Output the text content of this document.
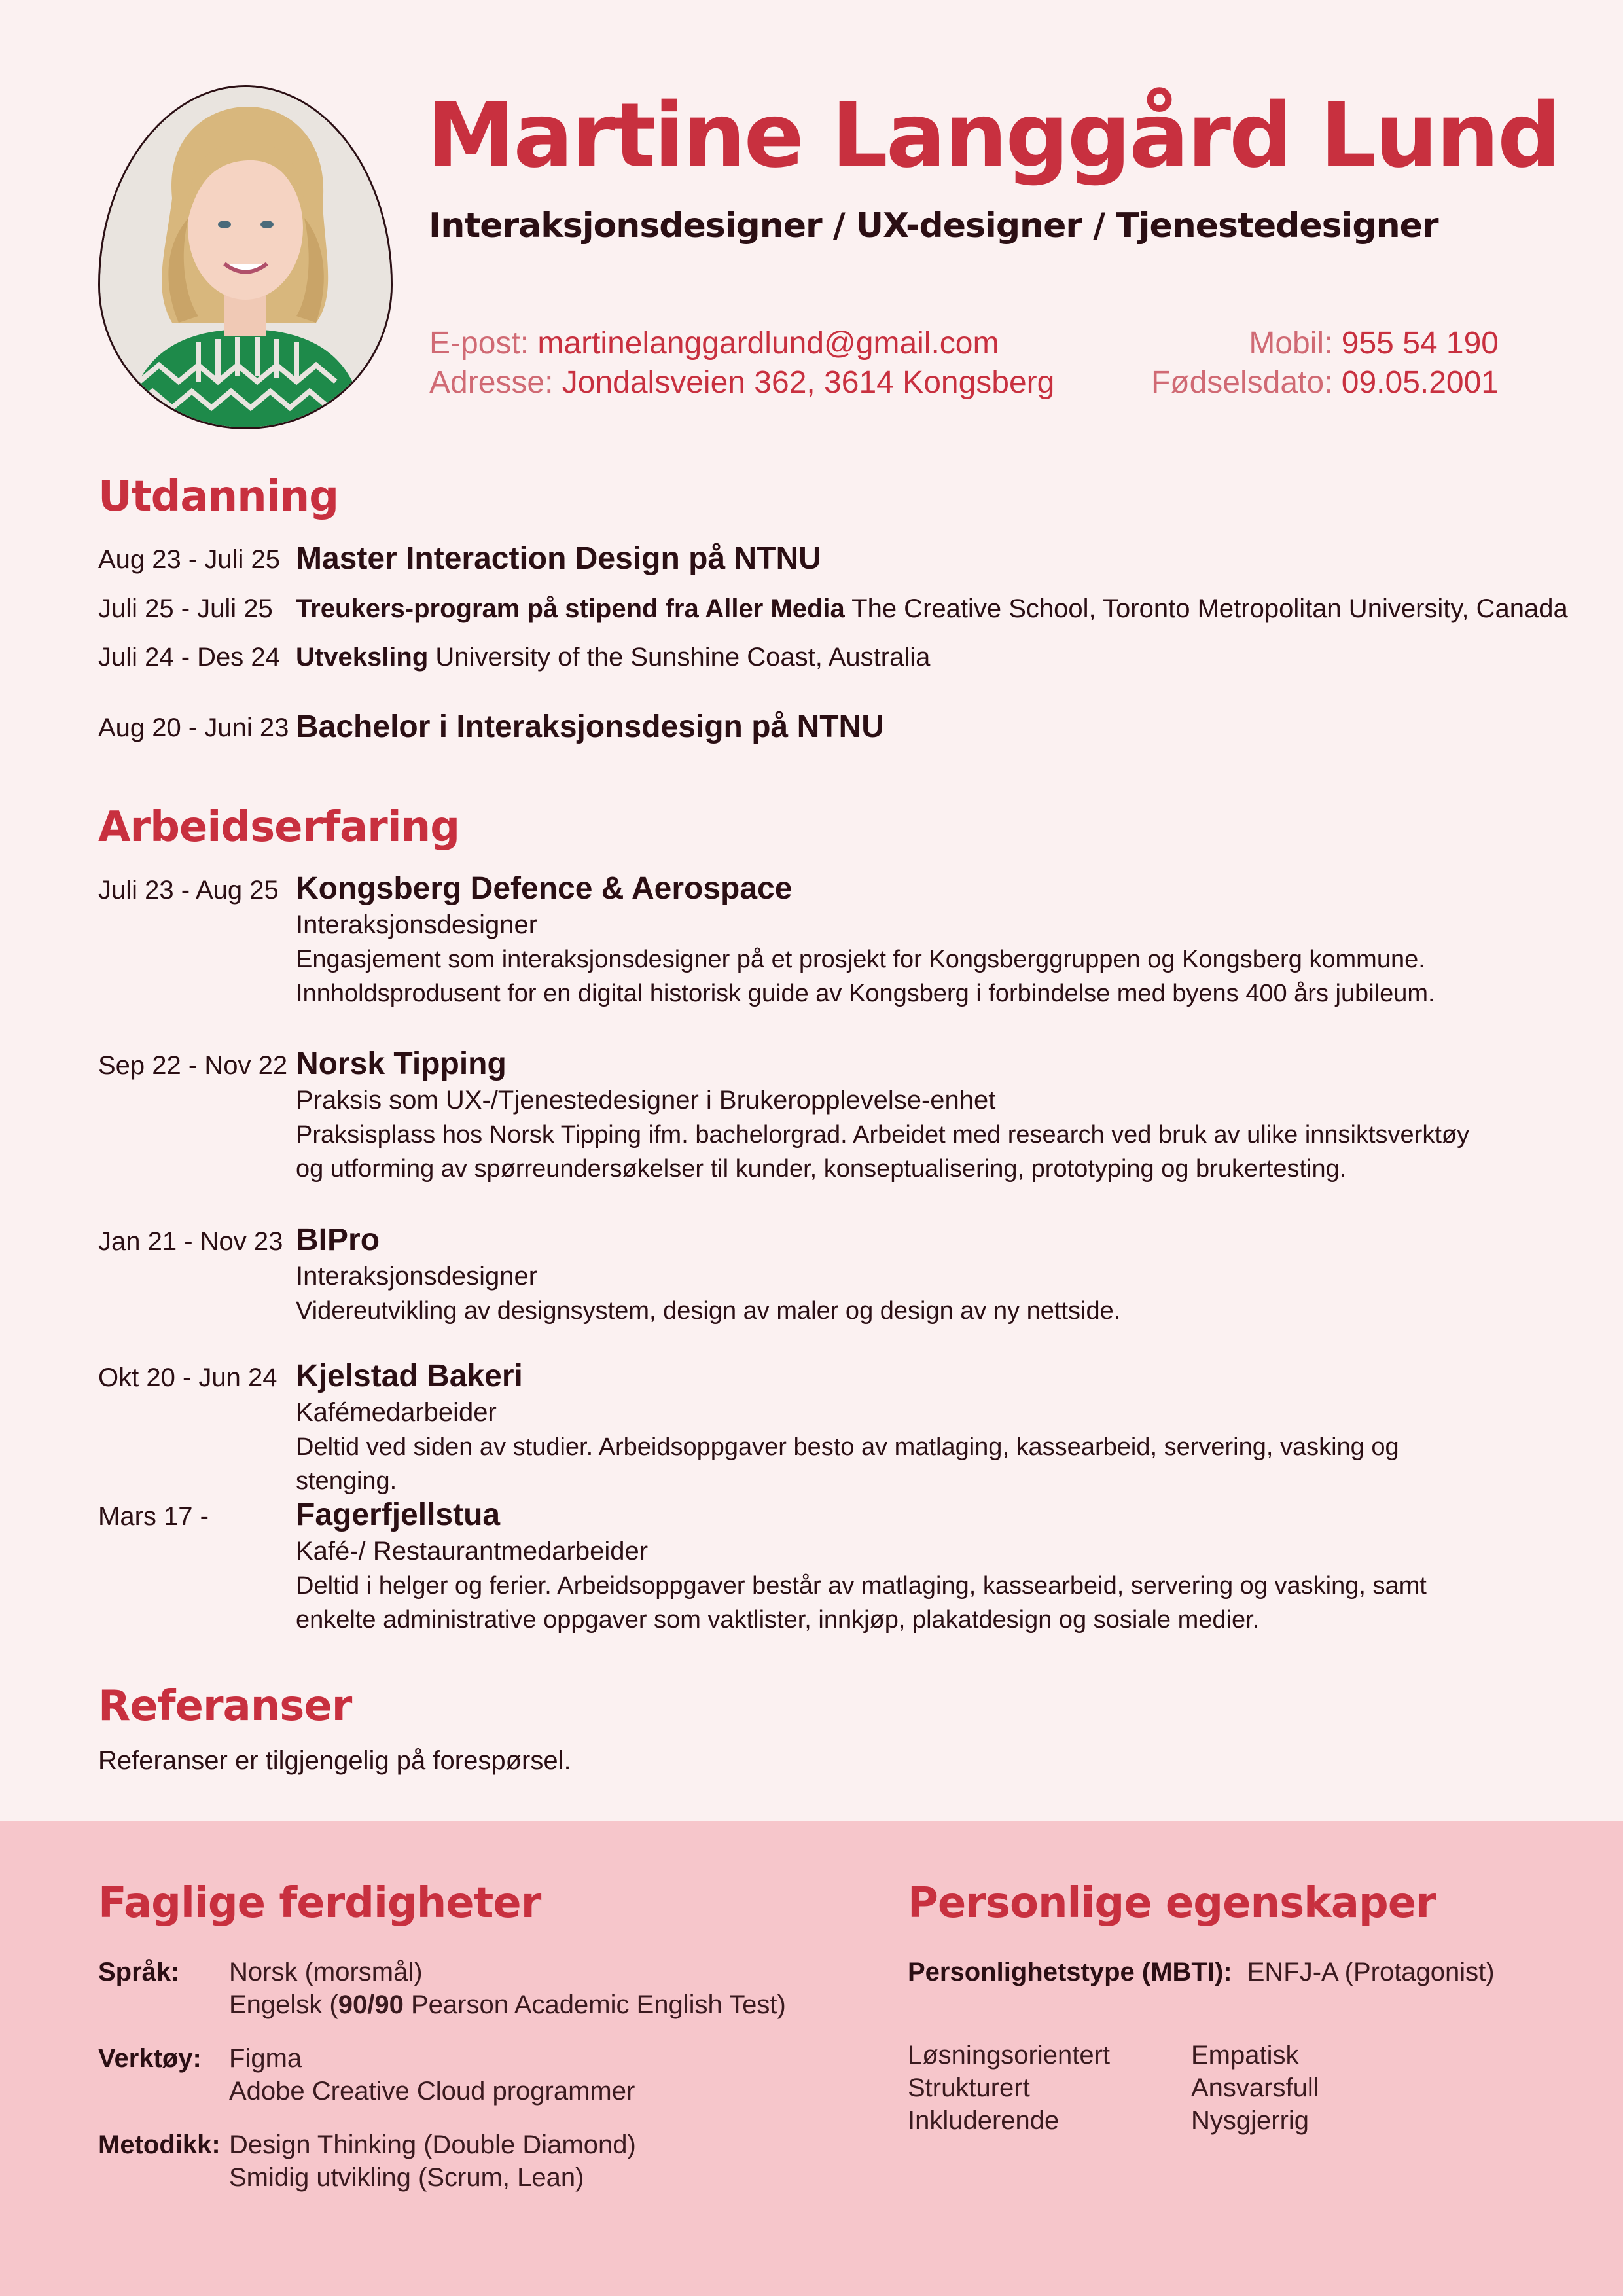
Martine Langgård Lund
Interaksjonsdesigner / UX-designer / Tjenestedesigner
E-post: martinelanggardlund@gmail.com
Adresse: Jondalsveien 362, 3614 Kongsberg
Mobil: 955 54 190
Fødselsdato: 09.05.2001
Utdanning
Aug 23 - Juli 25 Master Interaction Design på NTNU
Juli 25 - Juli 25 Treukers-program på stipend fra Aller Media The Creative School, Toronto Metropolitan University, Canada
Juli 24 - Des 24 Utveksling University of the Sunshine Coast, Australia
Aug 20 - Juni 23 Bachelor i Interaksjonsdesign på NTNU
Arbeidserfaring
Juli 23 - Aug 25 Kongsberg Defence & Aerospace
Interaksjonsdesigner
Engasjement som interaksjonsdesigner på et prosjekt for Kongsberggruppen og Kongsberg kommune.
Innholdsprodusent for en digital historisk guide av Kongsberg i forbindelse med byens 400 års jubileum.
Sep 22 - Nov 22 Norsk Tipping
Praksis som UX-/Tjenestedesigner i Brukeropplevelse-enhet
Praksisplass hos Norsk Tipping ifm. bachelorgrad. Arbeidet med research ved bruk av ulike innsiktsverktøy
og utforming av spørreundersøkelser til kunder, konseptualisering, prototyping og brukertesting.
Jan 21 - Nov 23 BIPro
Interaksjonsdesigner
Videreutvikling av designsystem, design av maler og design av ny nettside.
Okt 20 - Jun 24 Kjelstad Bakeri
Kafémedarbeider
Deltid ved siden av studier. Arbeidsoppgaver besto av matlaging, kassearbeid, servering, vasking og stenging.
Mars 17 -	Fagerfjellstua
Kafé-/ Restaurantmedarbeider
Deltid i helger og ferier. Arbeidsoppgaver består av matlaging, kassearbeid, servering og vasking, samt
enkelte administrative oppgaver som vaktlister, innkjøp, plakatdesign og sosiale medier.
Referanser
Referanser er tilgjengelig på forespørsel.
Faglige ferdigheter
Språk: Norsk (morsmål)
Engelsk (90/90 Pearson Academic English Test)
Verktøy: Figma
Adobe Creative Cloud programmer
Metodikk: Design Thinking (Double Diamond)
Smidig utvikling (Scrum, Lean)
Personlige egenskaper
Personlighetstype (MBTI): ENFJ-A (Protagonist)
Løsningsorientert
Strukturert
Inkluderende
Empatisk
Ansvarsfull
Nysgjerrig
